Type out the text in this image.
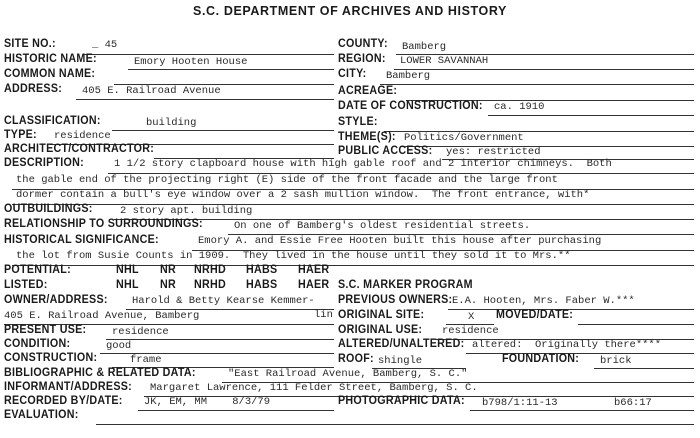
S.C. DEPARTMENT OF ARCHIVES AND HISTORY
SITE NO.:	_ 45	COUNTY: Bamberg
HISTORIC NAME:	Emory Hooten House	REGION: LOWER SAVANNAH
COMMON NAME:	CITY: Bamberg
ADDRESS: 405 E. Railroad Avenue	ACREAGE:
DATE OF CONSTRUCTION: ca. 1910
CLASSIFICATION:	building	STYLE:
TYPE: residence	THEME(S): Politics/Government
ARCHITECT/CONTRACTOR:	PUBLIC ACCESS: yes: restricted
DESCRIPTION:	1 1/2 story clapboard house with high gable roof and 2 interior chimneys.  Both
the gable end of the projecting right (E) side of the front facade and the large front
dormer contain a bull's eye window over a 2 sash mullion window.  The front entrance, with*
OUTBUILDINGS:	2 story apt. building
RELATIONSHIP TO SURROUNDINGS:	On one of Bamberg's oldest residential streets.
HISTORICAL SIGNIFICANCE:	Emory A. and Essie Free Hooten built this house after purchasing
the lot from Susie Counts in 1909.  They lived in the house until they sold it to Mrs.**
POTENTIAL:	NHL NR NRHD HABS HAER
LISTED:	NHL NR NRHD HABS HAER S.C. MARKER PROGRAM
OWNER/ADDRESS: Harold & Betty Kearse Kemmer- PREVIOUS OWNERS: E.A. Hooten, Mrs. Faber W.***
405 E. Railroad Avenue, Bamberg	lin ORIGINAL SITE:	X MOVED/DATE:
PRESENT USE: residence	ORIGINAL USE: residence
CONDITION:	good	ALTERED/UNALTERED: altered:  Originally there****
CONSTRUCTION:	frame	ROOF: shingle	FOUNDATION: brick
BIBLIOGRAPHIC & RELATED DATA:	"East Railroad Avenue, Bamberg, S. C."
INFORMANT/ADDRESS: Margaret Lawrence, 111 Felder Street, Bamberg, S. C.
RECORDED BY/DATE: JK, EM, MM    8/3/79	PHOTOGRAPHIC DATA: b798/1:11-13	b66:17
EVALUATION:
